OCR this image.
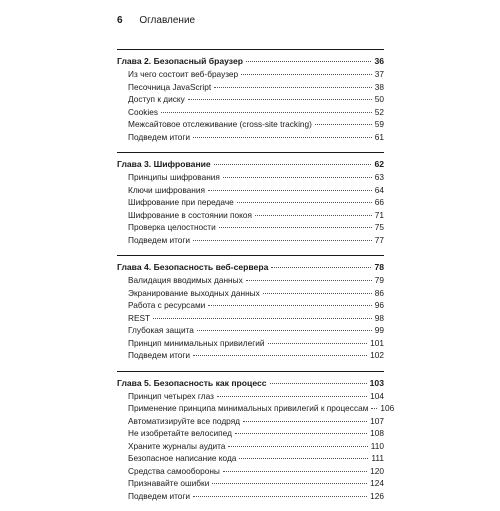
6 Оглавление
Глава 2. Безопасный браузер	36
Из чего состоит веб-браузер	37
Песочница JavaScript	38
Доступ к диску	50
Cookies	52
Межсайтовое отслеживание (cross-site tracking)	59
Подведем итоги	61
Глава 3. Шифрование	62
Принципы шифрования	63
Ключи шифрования	64
Шифрование при передаче	66
Шифрование в состоянии покоя	71
Проверка целостности	75
Подведем итоги	77
Глава 4. Безопасность веб-сервера	78
Валидация вводимых данных	79
Экранирование выходных данных	86
Работа с ресурсами	96
REST	98
Глубокая защита	99
Принцип минимальных привилегий	101
Подведем итоги	102
Глава 5. Безопасность как процесс	103
Принцип четырех глаз	104
Применение принципа минимальных привилегий к процессам 106
Автоматизируйте все подряд	107
Не изобретайте велосипед	108
Храните журналы аудита	110
Безопасное написание кода	111
Средства самообороны	120
Признавайте ошибки	124
Подведем итоги	126
